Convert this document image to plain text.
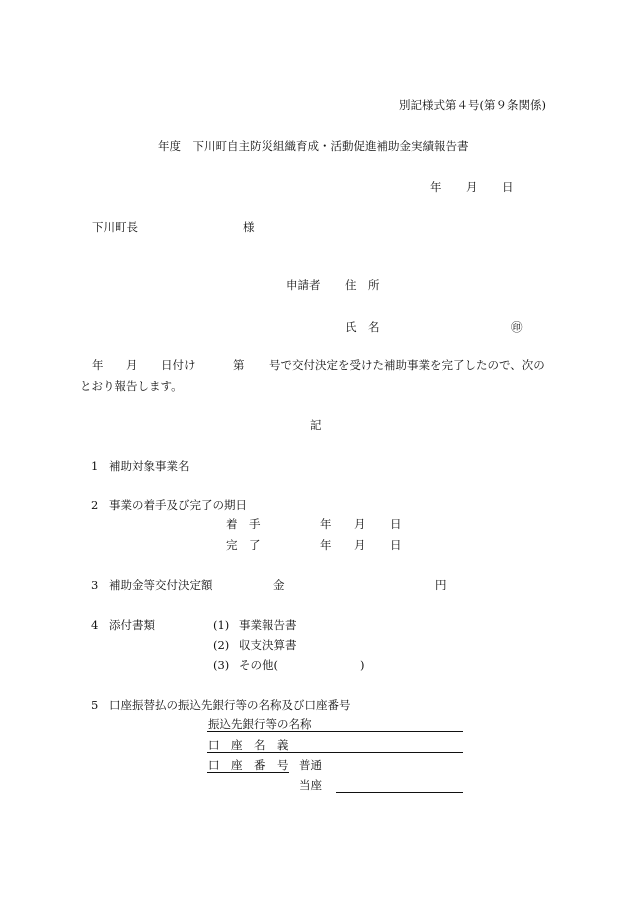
別記様式第４号(第９条関係)
年度　下川町自主防災組織育成・活動促進補助金実績報告書
年 月 日
下川町長	様
申請者 住　所
氏　名	㊞
年 月 日付け	第 号で交付決定を受けた補助事業を完了したので、次の
とおり報告します。
記
1 補助対象事業名
2 事業の着手及び完了の期日
着　手	年 月 日
完　了	年 月 日
3 補助金等交付決定額	金	円
4 添付書類	(1) 事業報告書
(2) 収支決算書
(3) その他(	)
5 口座振替払の振込先銀行等の名称及び口座番号
振込先銀行等の名称
口　座　名　義
口　座　番　号 普通
当座
